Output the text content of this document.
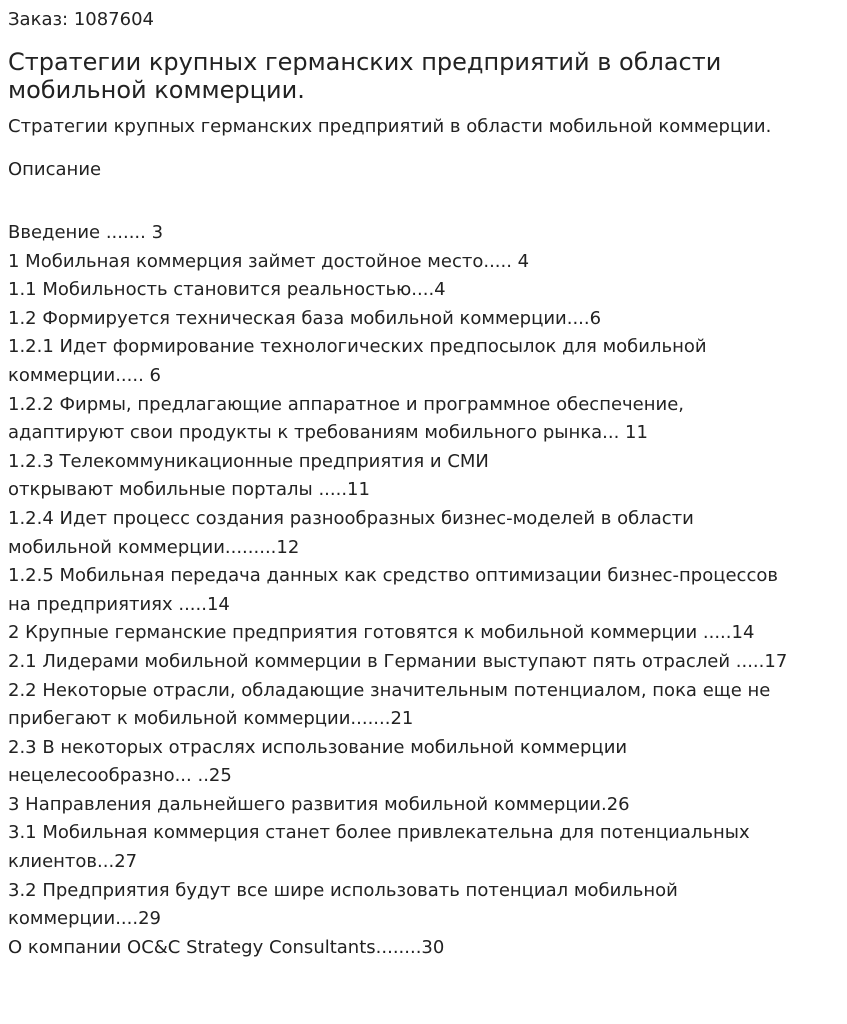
Заказ: 1087604
Стратегии крупных германских предприятий в области мобильной коммерции.
Стратегии крупных германских предприятий в области мобильной коммерции.
Описание
Введение ....... 3
1 Мобильная коммерция займет достойное место..... 4
1.1 Мобильность становится реальностью....4
1.2 Формируется техническая база мобильной коммерции....6
1.2.1 Идет формирование технологических предпосылок для мобильной
коммерции..... 6
1.2.2 Фирмы, предлагающие аппаратное и программное обеспечение,
адаптируют свои продукты к требованиям мобильного рынка... 11
1.2.3 Телекоммуникационные предприятия и СМИ
открывают мобильные порталы .....11
1.2.4 Идет процесс создания разнообразных бизнес-моделей в области
мобильной коммерции.........12
1.2.5 Мобильная передача данных как средство оптимизации бизнес-процессов
на предприятиях .....14
2 Крупные германские предприятия готовятся к мобильной коммерции .....14
2.1 Лидерами мобильной коммерции в Германии выступают пять отраслей .....17
2.2 Некоторые отрасли, обладающие значительным потенциалом, пока еще не
прибегают к мобильной коммерции.......21
2.3 В некоторых отраслях использование мобильной коммерции
нецелесообразно... ..25
3 Направления дальнейшего развития мобильной коммерции.26
3.1 Мобильная коммерция станет более привлекательна для потенциальных
клиентов...27
3.2 Предприятия будут все шире использовать потенциал мобильной
коммерции....29
О компании OC&C Strategy Consultants........30
